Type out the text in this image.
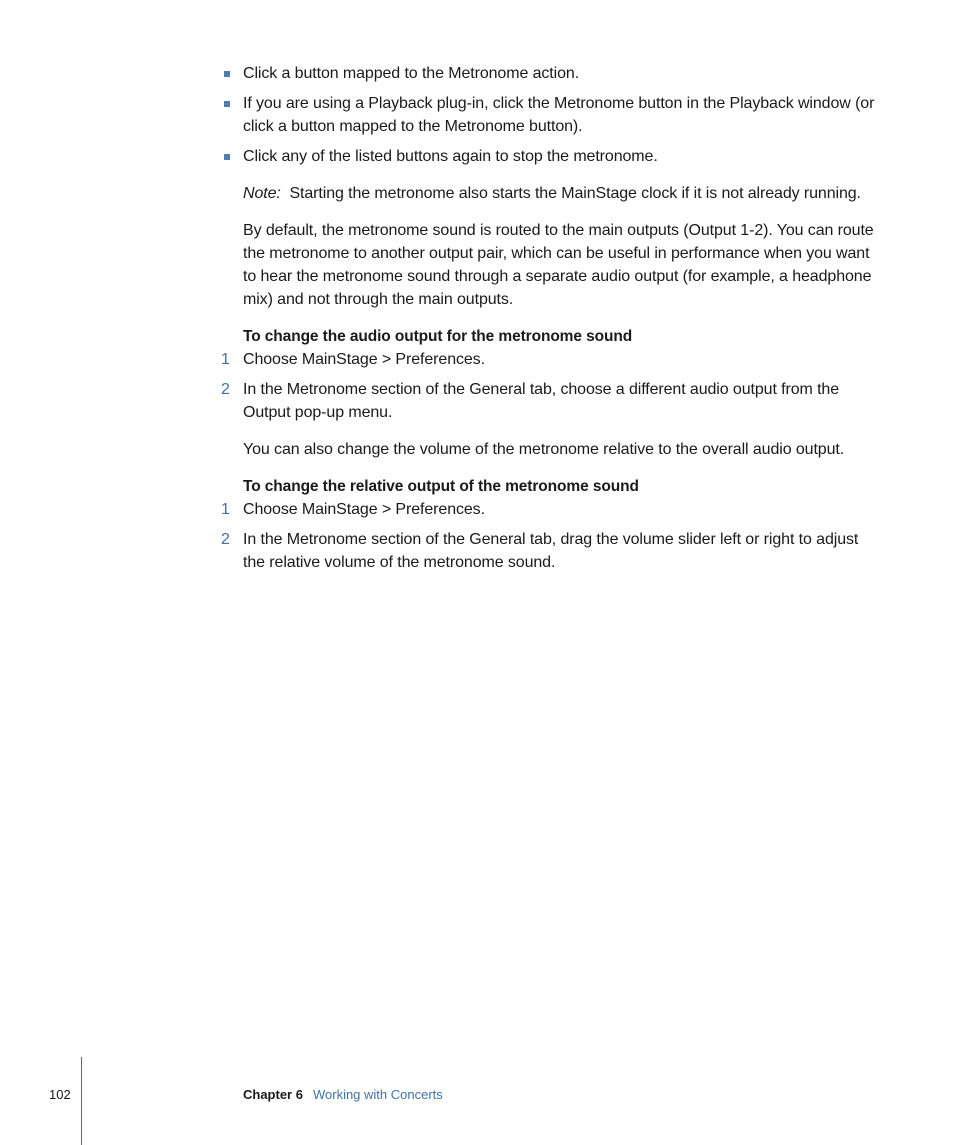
Click a button mapped to the Metronome action.
If you are using a Playback plug-in, click the Metronome button in the Playback window (or click a button mapped to the Metronome button).
Click any of the listed buttons again to stop the metronome.
Note: Starting the metronome also starts the MainStage clock if it is not already running.
By default, the metronome sound is routed to the main outputs (Output 1-2). You can route the metronome to another output pair, which can be useful in performance when you want to hear the metronome sound through a separate audio output (for example, a headphone mix) and not through the main outputs.
To change the audio output for the metronome sound
1 Choose MainStage > Preferences.
2 In the Metronome section of the General tab, choose a different audio output from the Output pop-up menu.
You can also change the volume of the metronome relative to the overall audio output.
To change the relative output of the metronome sound
1 Choose MainStage > Preferences.
2 In the Metronome section of the General tab, drag the volume slider left or right to adjust the relative volume of the metronome sound.
102	Chapter 6 Working with Concerts
